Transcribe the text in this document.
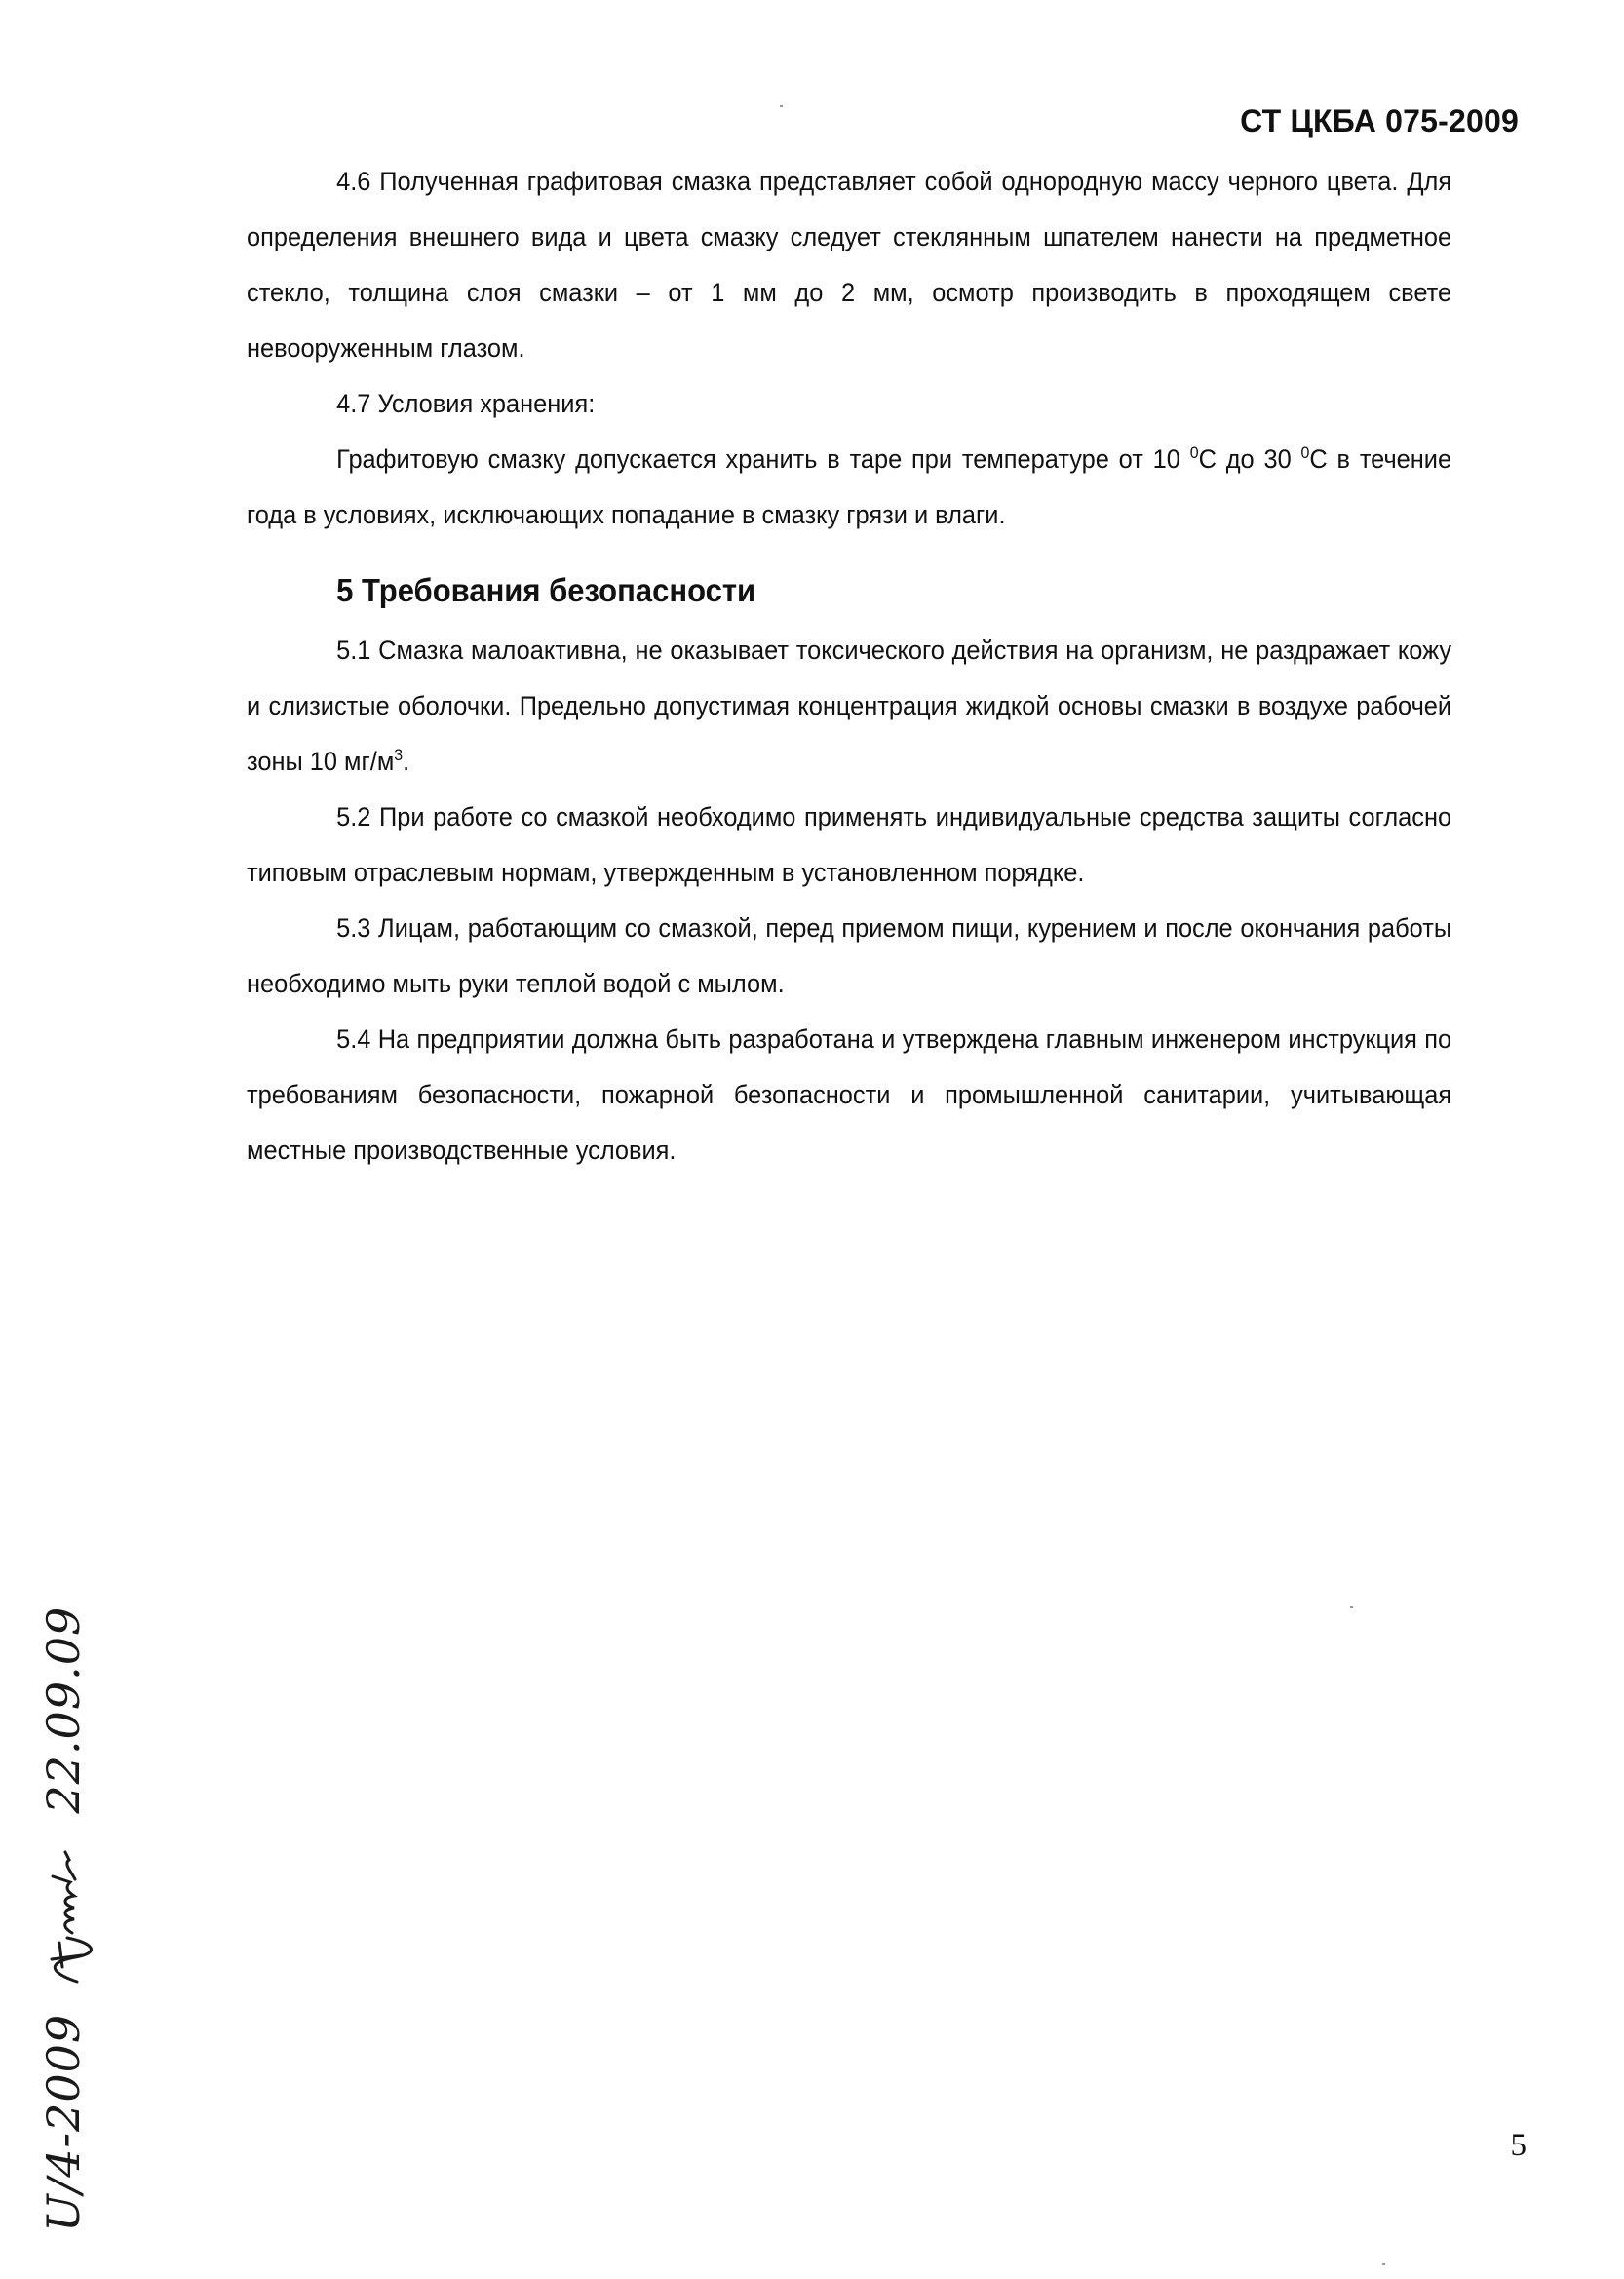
СТ ЦКБА 075-2009

4.6 Полученная графитовая смазка представляет собой однородную массу черного цвета. Для определения внешнего вида и цвета смазку следует стеклянным шпателем нанести на предметное стекло, толщина слоя смазки – от 1 мм до 2 мм, осмотр производить в проходящем свете невооруженным глазом.

4.7 Условия хранения:

Графитовую смазку допускается хранить в таре при температуре от 10 $^0$С до 30 $^0$С в течение года в условиях, исключающих попадание в смазку грязи и влаги.

5 Требования безопасности

5.1 Смазка малоактивна, не оказывает токсического действия на организм, не раздражает кожу и слизистые оболочки. Предельно допустимая концентрация жидкой основы смазки в воздухе рабочей зоны 10 $мг/м^3$.

5.2 При работе со смазкой необходимо применять индивидуальные средства защиты согласно типовым отраслевым нормам, утвержденным в установленном порядке.

5.3 Лицам, работающим со смазкой, перед приемом пищи, курением и после окончания работы необходимо мыть руки теплой водой с мылом.

5.4 На предприятии должна быть разработана и утверждена главным инженером инструкция по требованиям безопасности, пожарной безопасности и промышленной санитарии, учитывающая местные производственные условия.

5
U/4-2009  22.09.09
